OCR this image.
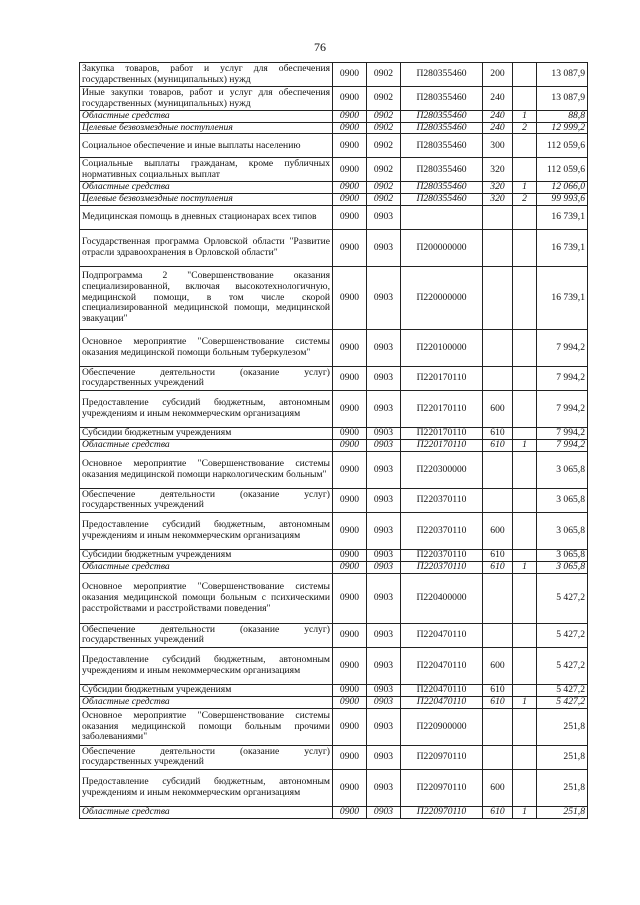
76
Закупка товаров, работ и услуг для обеспечения государственных (муниципальных) нужд	0900	0902	П280355460	200		13 087,9
Иные закупки товаров, работ и услуг для обеспечения государственных (муниципальных) нужд	0900	0902	П280355460	240		13 087,9
Областные средства	0900	0902	П280355460	240	1	88,8
Целевые безвозмездные поступления	0900	0902	П280355460	240	2	12 999,2
Социальное обеспечение и иные выплаты населению	0900	0902	П280355460	300		112 059,6
Социальные выплаты гражданам, кроме публичных нормативных социальных выплат	0900	0902	П280355460	320		112 059,6
Областные средства	0900	0902	П280355460	320	1	12 066,0
Целевые безвозмездные поступления	0900	0902	П280355460	320	2	99 993,6
Медицинская помощь в дневных стационарах всех типов	0900	0903				16 739,1
Государственная программа Орловской области "Развитие отрасли здравоохранения в Орловской области"	0900	0903	П200000000			16 739,1
Подпрограмма 2 "Совершенствование оказания специализированной, включая высокотехнологичную, медицинской помощи, в том числе скорой специализированной медицинской помощи, медицинской эвакуации"	0900	0903	П220000000			16 739,1
Основное мероприятие "Совершенствование системы оказания медицинской помощи больным туберкулезом"	0900	0903	П220100000			7 994,2
Обеспечение деятельности (оказание услуг) государственных учреждений	0900	0903	П220170110			7 994,2
Предоставление субсидий бюджетным, автономным учреждениям и иным некоммерческим организациям	0900	0903	П220170110	600		7 994,2
Субсидии бюджетным учреждениям	0900	0903	П220170110	610		7 994,2
Областные средства	0900	0903	П220170110	610	1	7 994,2
Основное мероприятие "Совершенствование системы оказания медицинской помощи наркологическим больным"	0900	0903	П220300000			3 065,8
Обеспечение деятельности (оказание услуг) государственных учреждений	0900	0903	П220370110			3 065,8
Предоставление субсидий бюджетным, автономным учреждениям и иным некоммерческим организациям	0900	0903	П220370110	600		3 065,8
Субсидии бюджетным учреждениям	0900	0903	П220370110	610		3 065,8
Областные средства	0900	0903	П220370110	610	1	3 065,8
Основное мероприятие "Совершенствование системы оказания медицинской помощи больным с психическими расстройствами и расстройствами поведения"	0900	0903	П220400000			5 427,2
Обеспечение деятельности (оказание услуг) государственных учреждений	0900	0903	П220470110			5 427,2
Предоставление субсидий бюджетным, автономным учреждениям и иным некоммерческим организациям	0900	0903	П220470110	600		5 427,2
Субсидии бюджетным учреждениям	0900	0903	П220470110	610		5 427,2
Областные средства	0900	0903	П220470110	610	1	5 427,2
Основное мероприятие "Совершенствование системы оказания медицинской помощи больным прочими заболеваниями"	0900	0903	П220900000			251,8
Обеспечение деятельности (оказание услуг) государственных учреждений	0900	0903	П220970110			251,8
Предоставление субсидий бюджетным, автономным учреждениям и иным некоммерческим организациям	0900	0903	П220970110	600		251,8
Областные средства	0900	0903	П220970110	610	1	251,8
